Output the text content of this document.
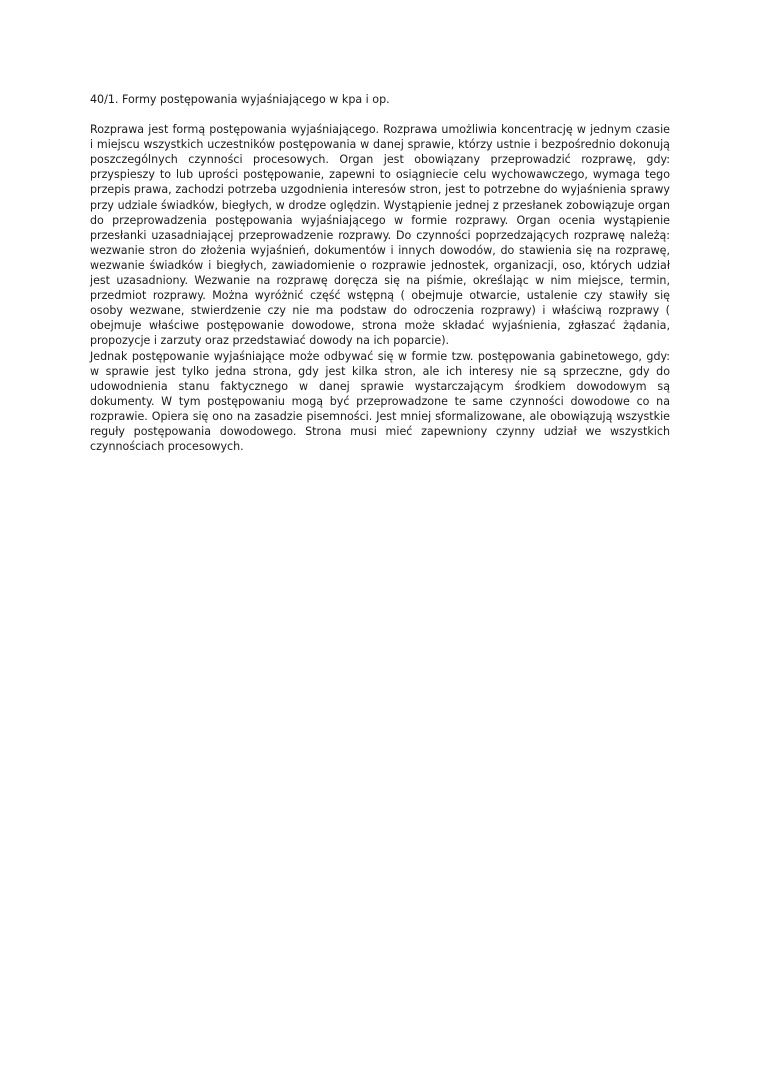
40/1. Formy postępowania wyjaśniającego w kpa i op.

Rozprawa jest formą postępowania wyjaśniającego. Rozprawa umożliwia koncentrację w jednym czasie i miejscu wszystkich uczestników postępowania w danej sprawie, którzy ustnie i bezpośrednio dokonują poszczególnych czynności procesowych. Organ jest obowiązany przeprowadzić rozprawę, gdy: przyspieszy to lub uprości postępowanie, zapewni to osiągniecie celu wychowawczego, wymaga tego przepis prawa, zachodzi potrzeba uzgodnienia interesów stron, jest to potrzebne do wyjaśnienia sprawy przy udziale świadków, biegłych, w drodze oględzin. Wystąpienie jednej z przesłanek zobowiązuje organ do przeprowadzenia postępowania wyjaśniającego w formie rozprawy. Organ ocenia wystąpienie przesłanki uzasadniającej przeprowadzenie rozprawy. Do czynności poprzedzających rozprawę należą: wezwanie stron do złożenia wyjaśnień, dokumentów i innych dowodów, do stawienia się na rozprawę, wezwanie świadków i biegłych, zawiadomienie o rozprawie jednostek, organizacji, oso, których udział jest uzasadniony. Wezwanie na rozprawę doręcza się na piśmie, określając w nim miejsce, termin, przedmiot rozprawy. Można wyróżnić część wstępną ( obejmuje otwarcie, ustalenie czy stawiły się osoby wezwane, stwierdzenie czy nie ma podstaw do odroczenia rozprawy) i właściwą rozprawy ( obejmuje właściwe postępowanie dowodowe, strona może składać wyjaśnienia, zgłaszać żądania, propozycje i zarzuty oraz przedstawiać dowody na ich poparcie).

Jednak postępowanie wyjaśniające może odbywać się w formie tzw. postępowania gabinetowego, gdy: w sprawie jest tylko jedna strona, gdy jest kilka stron, ale ich interesy nie są sprzeczne, gdy do udowodnienia stanu faktycznego w danej sprawie wystarczającym środkiem dowodowym są dokumenty. W tym postępowaniu mogą być przeprowadzone te same czynności dowodowe co na rozprawie. Opiera się ono na zasadzie pisemności. Jest mniej sformalizowane, ale obowiązują wszystkie reguły postępowania dowodowego. Strona musi mieć zapewniony czynny udział we wszystkich czynnościach procesowych.
